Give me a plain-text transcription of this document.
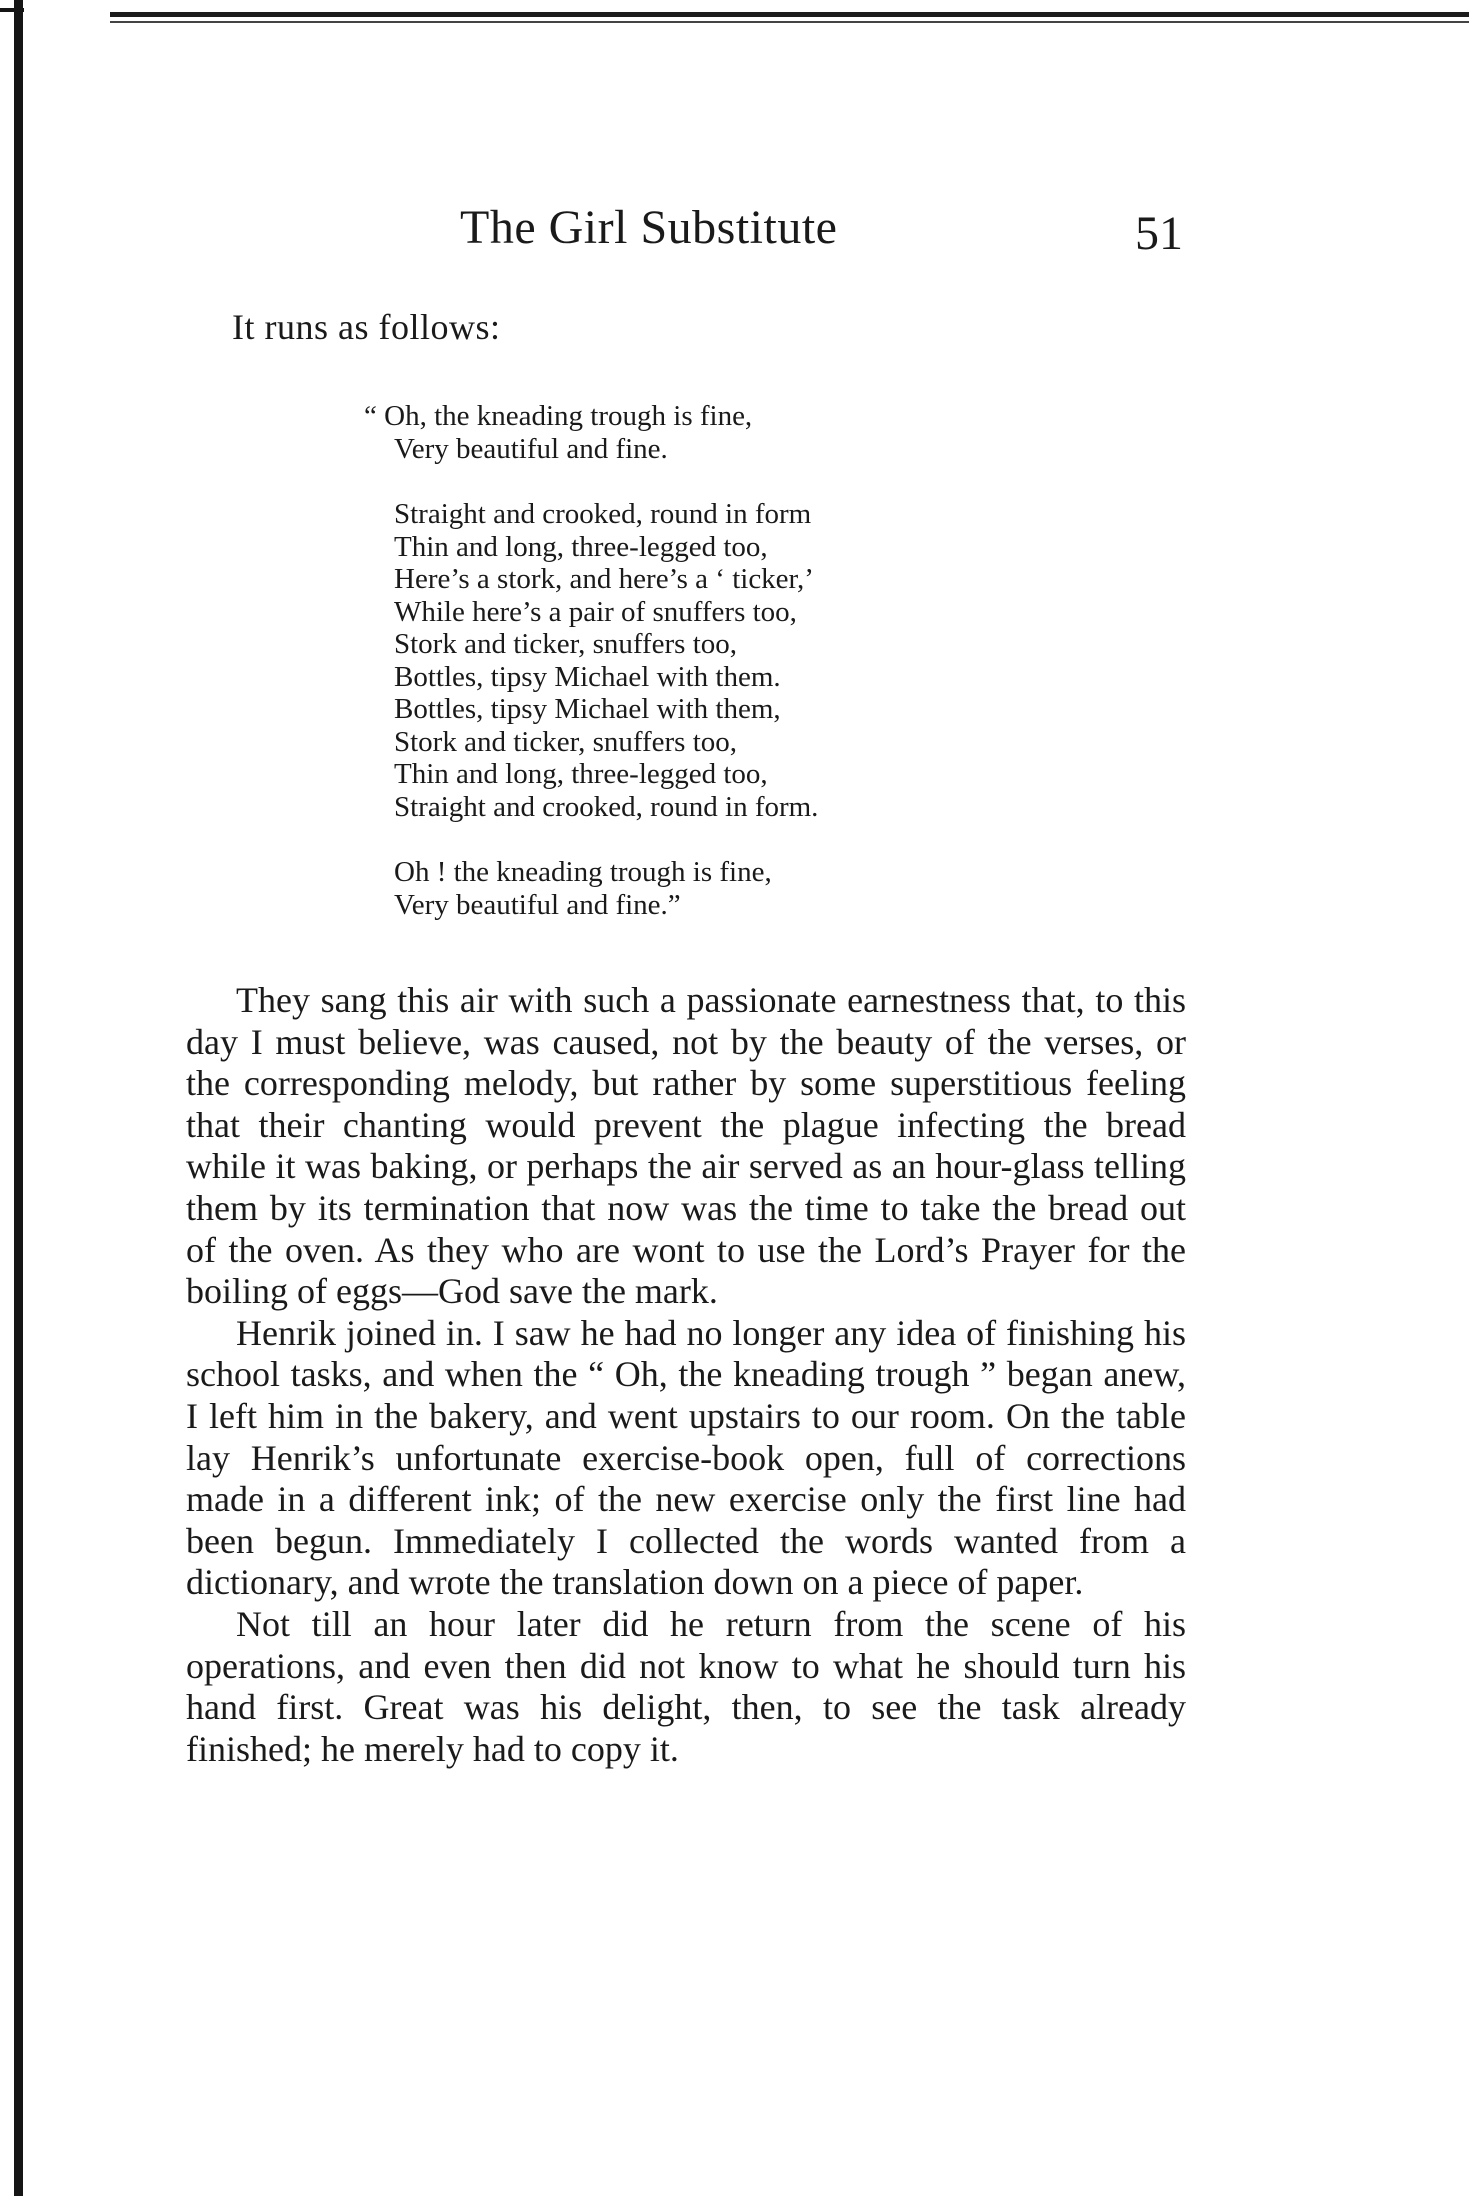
The Girl Substitute	51
It runs as follows:
“ Oh, the kneading trough is fine,
Very beautiful and fine.
Straight and crooked, round in form
Thin and long, three-legged too,
Here’s a stork, and here’s a ‘ ticker,’
While here’s a pair of snuffers too,
Stork and ticker, snuffers too,
Bottles, tipsy Michael with them.
Bottles, tipsy Michael with them,
Stork and ticker, snuffers too,
Thin and long, three-legged too,
Straight and crooked, round in form.
Oh ! the kneading trough is fine,
Very beautiful and fine.”

They sang this air with such a passionate earnestness that, to this day I must believe, was caused, not by the beauty of the verses, or the corresponding melody, but rather by some superstitious feeling that their chanting would prevent the plague infecting the bread while it was baking, or perhaps the air served as an hour-glass telling them by its termination that now was the time to take the bread out of the oven. As they who are wont to use the Lord’s Prayer for the boiling of eggs—God save the mark.

Henrik joined in. I saw he had no longer any idea of finishing his school tasks, and when the “ Oh, the kneading trough ” began anew, I left him in the bakery, and went upstairs to our room. On the table lay Henrik’s unfortunate exercise-book open, full of corrections made in a different ink; of the new exercise only the first line had been begun. Immediately I collected the words wanted from a dictionary, and wrote the translation down on a piece of paper.

Not till an hour later did he return from the scene of his operations, and even then did not know to what he should turn his hand first. Great was his delight, then, to see the task already finished; he merely had to copy it.
